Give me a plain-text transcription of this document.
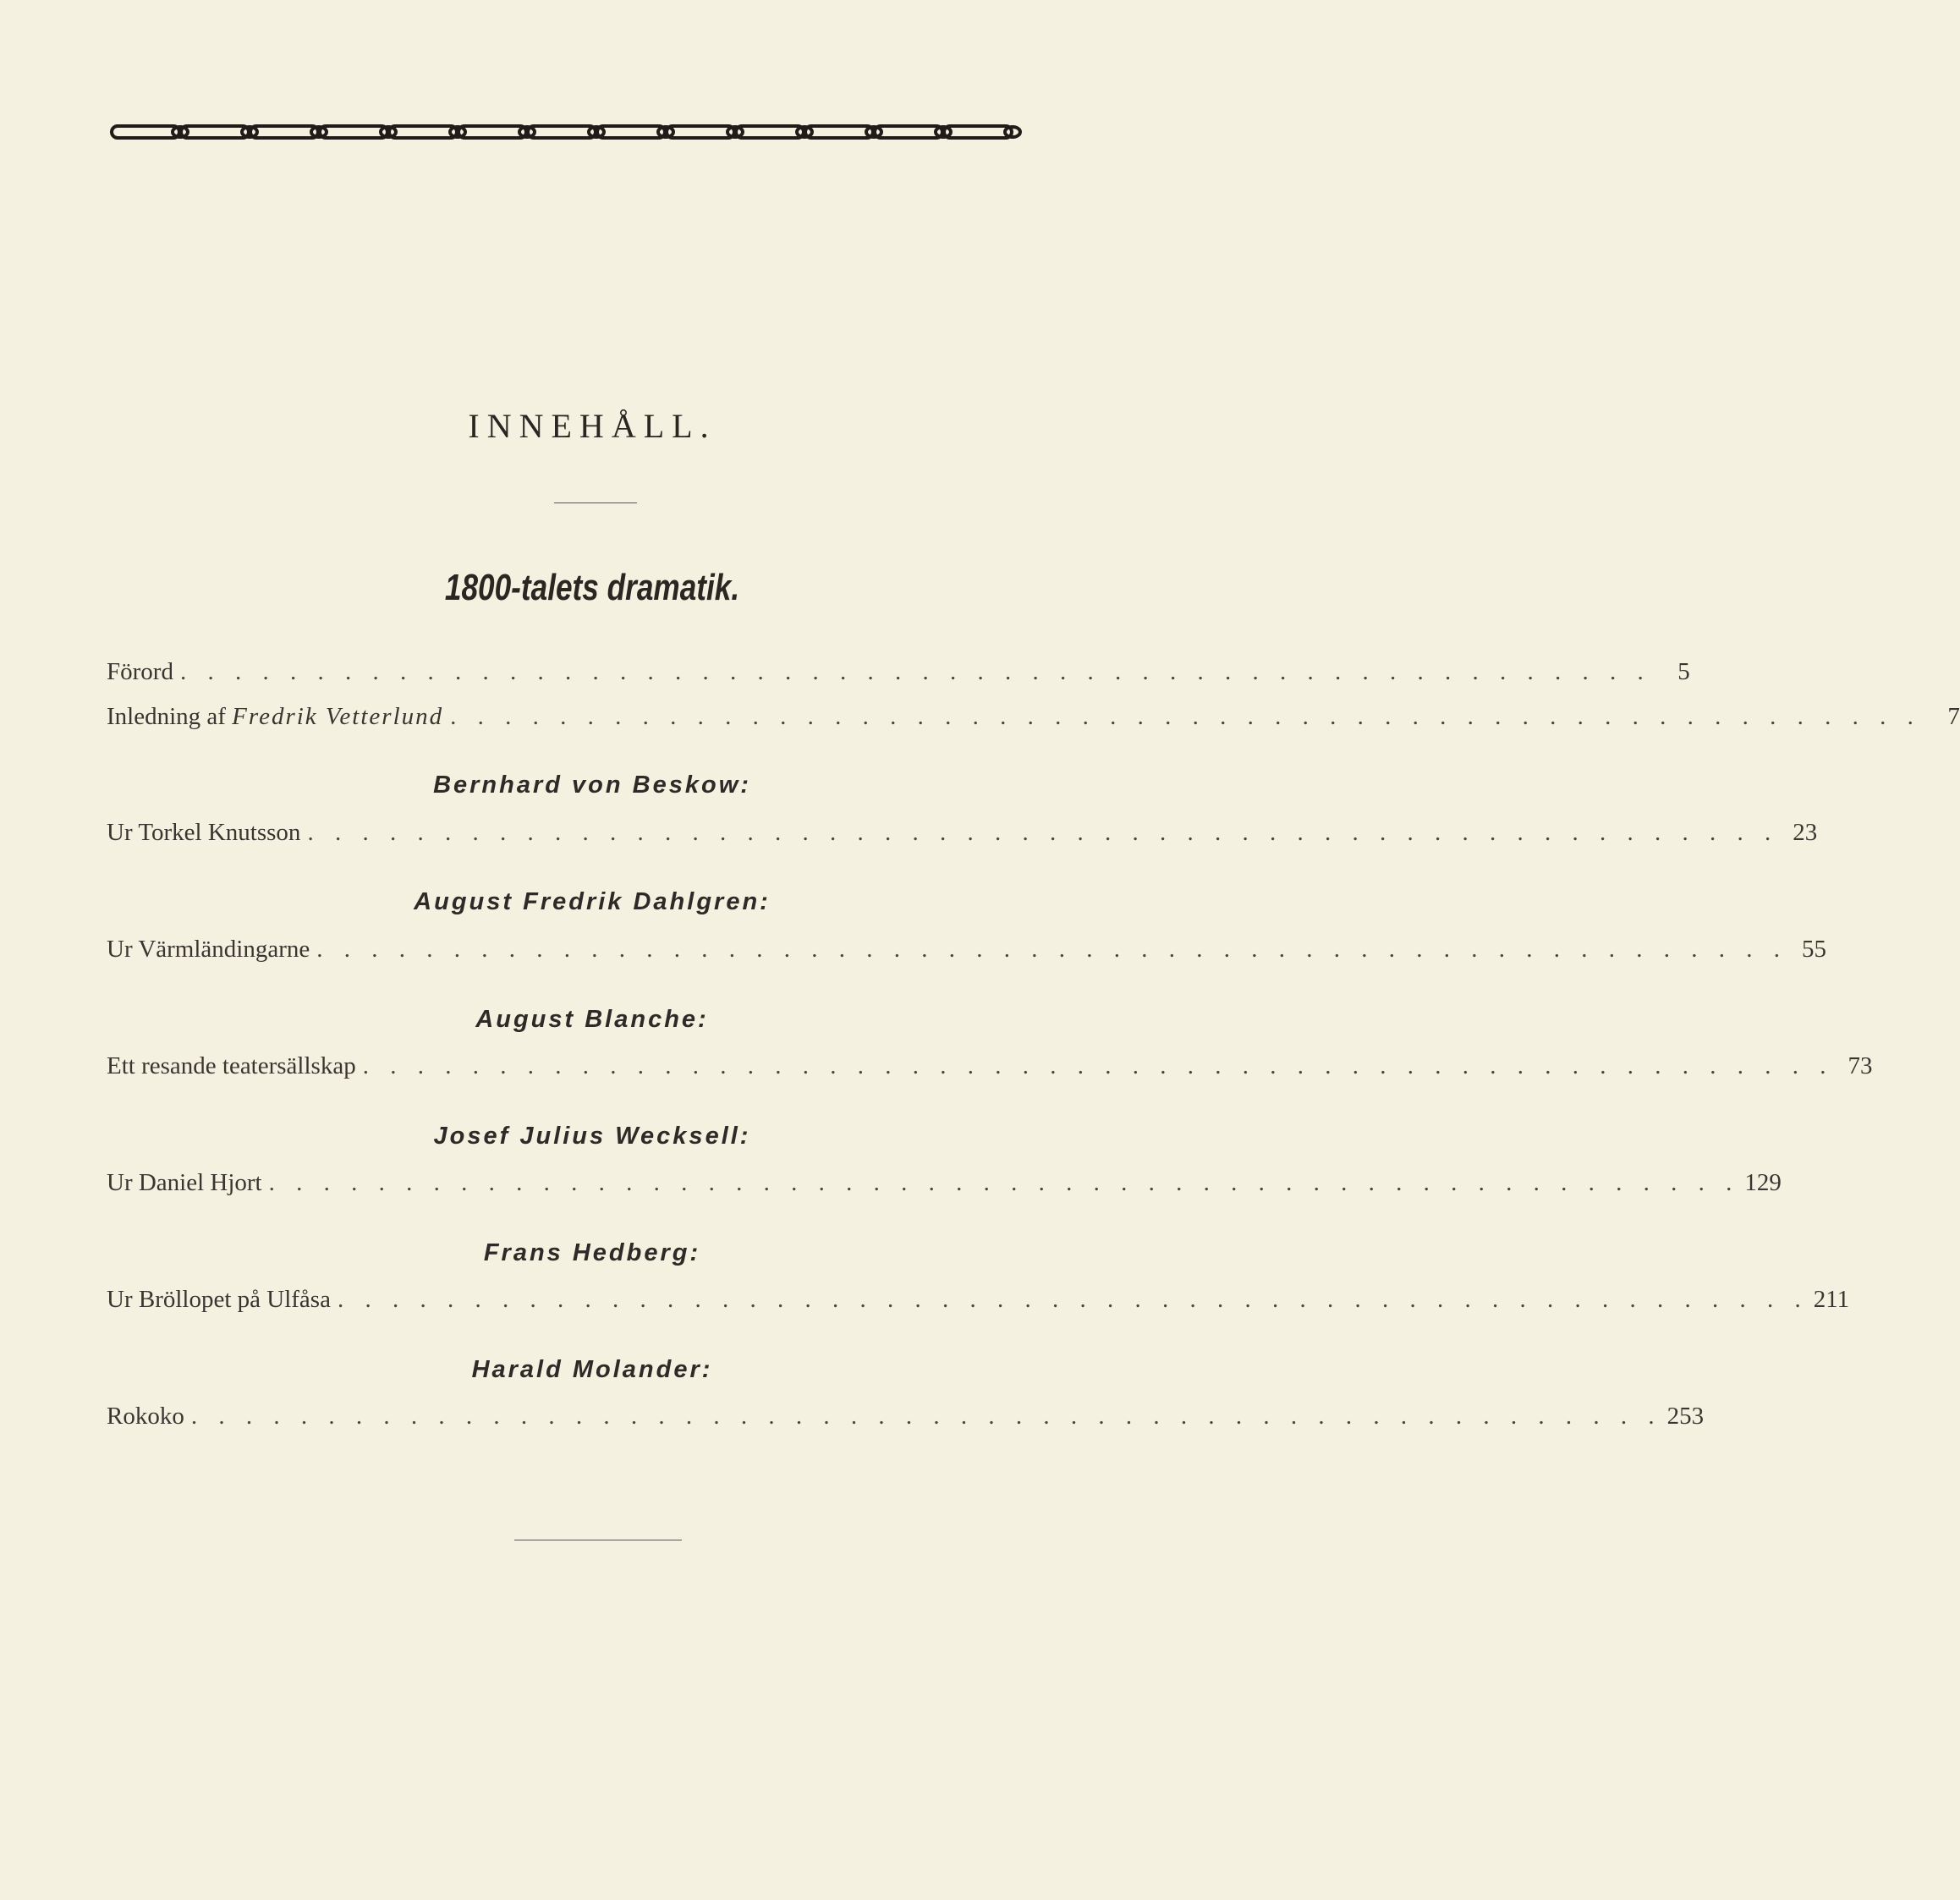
INNEHÅLL.
1800-talets dramatik.
Förord . . . . . . . . . . . . . . . . . . . . . . . . . . . . . . . . . . . . . . . . . . . . . . . . . . . . . .	5
Inledning af Fredrik Vetterlund . . . . . . . . . . . . . . . . . . . . . . . . . . . . . . . . . . . . . . . . . . . . . . . . . . . . . .	7
Bernhard von Beskow:
Ur Torkel Knutsson . . . . . . . . . . . . . . . . . . . . . . . . . . . . . . . . . . . . . . . . . . . . . . . . . . . . . . 23
August Fredrik Dahlgren:
Ur Värmländingarne . . . . . . . . . . . . . . . . . . . . . . . . . . . . . . . . . . . . . . . . . . . . . . . . . . . . . . 55
August Blanche:
Ett resande teatersällskap . . . . . . . . . . . . . . . . . . . . . . . . . . . . . . . . . . . . . . . . . . . . . . . . . . . . . . 73
Josef Julius Wecksell:
Ur Daniel Hjort . . . . . . . . . . . . . . . . . . . . . . . . . . . . . . . . . . . . . . . . . . . . . . . . . . . . . . 129
Frans Hedberg:
Ur Bröllopet på Ulfåsa . . . . . . . . . . . . . . . . . . . . . . . . . . . . . . . . . . . . . . . . . . . . . . . . . . . . . . 211
Harald Molander:
Rokoko . . . . . . . . . . . . . . . . . . . . . . . . . . . . . . . . . . . . . . . . . . . . . . . . . . . . . . 253
